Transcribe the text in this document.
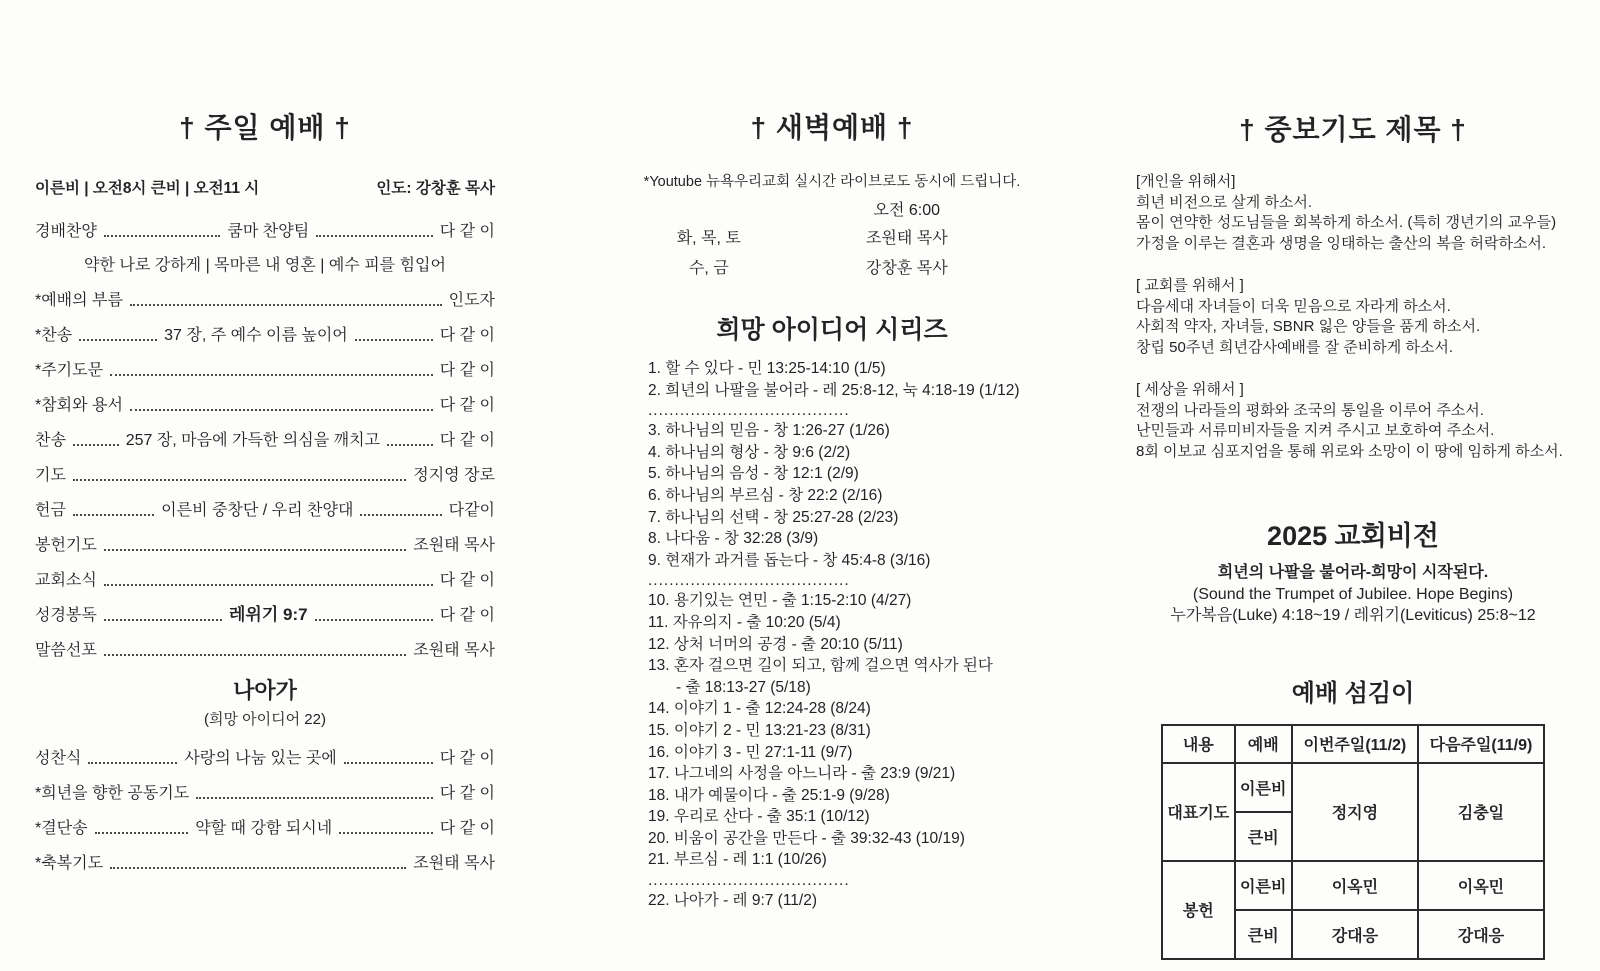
† 주일 예배 †
이른비 | 오전8시 큰비 | 오전11 시	인도: 강창훈 목사
경배찬양	쿰마 찬양팀	다 같 이
약한 나로 강하게 | 목마른 내 영혼 | 예수 피를 힘입어
*예배의 부름	인도자
*찬송	37 장, 주 예수 이름 높이어	다 같 이
*주기도문	다 같 이
*참회와 용서	다 같 이
찬송	257 장, 마음에 가득한 의심을 깨치고	다 같 이
기도	정지영 장로
헌금	이른비 중창단 / 우리 찬양대	다같이
봉헌기도	조원태 목사
교회소식	다 같 이
성경봉독	레위기 9:7	다 같 이
말씀선포	조원태 목사
나아가
(희망 아이디어 22)
성찬식	사랑의 나눔 있는 곳에	다 같 이
*희년을 향한 공동기도	다 같 이
*결단송	약할 때 강함 되시네	다 같 이
*축복기도	조원태 목사
† 새벽예배 †
*Youtube 뉴욕우리교회 실시간 라이브로도 동시에 드립니다.
오전 6:00
화, 목, 토	조원태 목사
수, 금	강창훈 목사
희망 아이디어 시리즈
1. 할 수 있다 - 민 13:25-14:10 (1/5)
2. 희년의 나팔을 불어라 - 레 25:8-12, 눅 4:18-19 (1/12)
......................................
3. 하나님의 믿음 - 창 1:26-27 (1/26)
4. 하나님의 형상 - 창 9:6 (2/2)
5. 하나님의 음성 - 창 12:1 (2/9)
6. 하나님의 부르심 - 창 22:2 (2/16)
7. 하나님의 선택 - 창 25:27-28 (2/23)
8. 나다움 - 창 32:28 (3/9)
9. 현재가 과거를 돕는다 - 창 45:4-8 (3/16)
......................................
10. 용기있는 연민 - 출 1:15-2:10 (4/27)
11. 자유의지 - 출 10:20 (5/4)
12. 상처 너머의 공경 - 출 20:10 (5/11)
13. 혼자 걸으면 길이 되고, 함께 걸으면 역사가 된다
- 출 18:13-27 (5/18)
14. 이야기 1 - 출 12:24-28 (8/24)
15. 이야기 2 - 민 13:21-23 (8/31)
16. 이야기 3 - 민 27:1-11 (9/7)
17. 나그네의 사정을 아느니라 - 출 23:9 (9/21)
18. 내가 예물이다 - 출 25:1-9 (9/28)
19. 우리로 산다 - 출 35:1 (10/12)
20. 비움이 공간을 만든다 - 출 39:32-43 (10/19)
21. 부르심 - 레 1:1 (10/26)
......................................
22. 나아가 - 레 9:7 (11/2)
† 중보기도 제목 †
[개인을 위해서]
희년 비전으로 살게 하소서.
몸이 연약한 성도님들을 회복하게 하소서. (특히 갱년기의 교우들)
가정을 이루는 결혼과 생명을 잉태하는 출산의 복을 허락하소서.
[ 교회를 위해서 ]
다음세대 자녀들이 더욱 믿음으로 자라게 하소서.
사회적 약자, 자녀들, SBNR 잃은 양들을 품게 하소서.
창립 50주년 희년감사예배를 잘 준비하게 하소서.
[ 세상을 위해서 ]
전쟁의 나라들의 평화와 조국의 통일을 이루어 주소서.
난민들과 서류미비자들을 지켜 주시고 보호하여 주소서.
8회 이보교 심포지엄을 통해 위로와 소망이 이 땅에 임하게 하소서.
2025 교회비전
희년의 나팔을 불어라-희망이 시작된다.
(Sound the Trumpet of Jubilee. Hope Begins)
누가복음(Luke) 4:18~19 / 레위기(Leviticus) 25:8~12
예배 섬김이
내용	예배	이번주일(11/2)	다음주일(11/9)
대표기도	이른비	정지영	김충일
	큰비		
봉헌	이른비	이옥민	이옥민
	큰비	강대응	강대응
